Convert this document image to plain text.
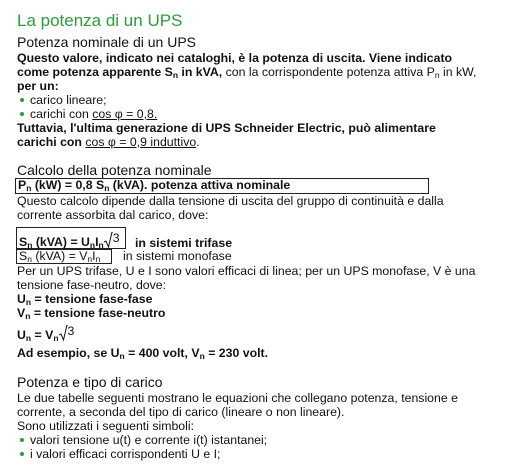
La potenza di un UPS
Potenza nominale di un UPS
Questo valore, indicato nei cataloghi, è la potenza di uscita. Viene indicato
come potenza apparente $S_n$ in kVA, con la corrispondente potenza attiva $P_n$ in kW,
per un:
carico lineare;
carichi con cos φ = 0,8.
Tuttavia, l'ultima generazione di UPS Schneider Electric, può alimentare
carichi con cos φ = 0,9 induttivo.
Calcolo della potenza nominale
$P_n$ (kW) = 0,8 $S_n$ (kVA). potenza attiva nominale
Questo calcolo dipende dalla tensione di uscita del gruppo di continuità e dalla
corrente assorbita dal carico, dove:
$S_n$ $(kVA) = U_nI_n$ 3 in sistemi trifase
$S_n$ $(kVA) = V_nI_n$ in sistemi monofase
Per un UPS trifase, U e I sono valori efficaci di linea; per un UPS monofase, V è una
tensione fase-neutro, dove:
$U_n$ = tensione fase-fase
$V_n$ = tensione fase-neutro
$U_n = V_n$ 3
Ad esempio, se $U_n = 400$ volt, $V_n = 230$ volt.
Potenza e tipo di carico
Le due tabelle seguenti mostrano le equazioni che collegano potenza, tensione e
corrente, a seconda del tipo di carico (lineare o non lineare).
Sono utilizzati i seguenti simboli:
valori tensione u(t) e corrente i(t) istantanei;
i valori efficaci corrispondenti U e I;
